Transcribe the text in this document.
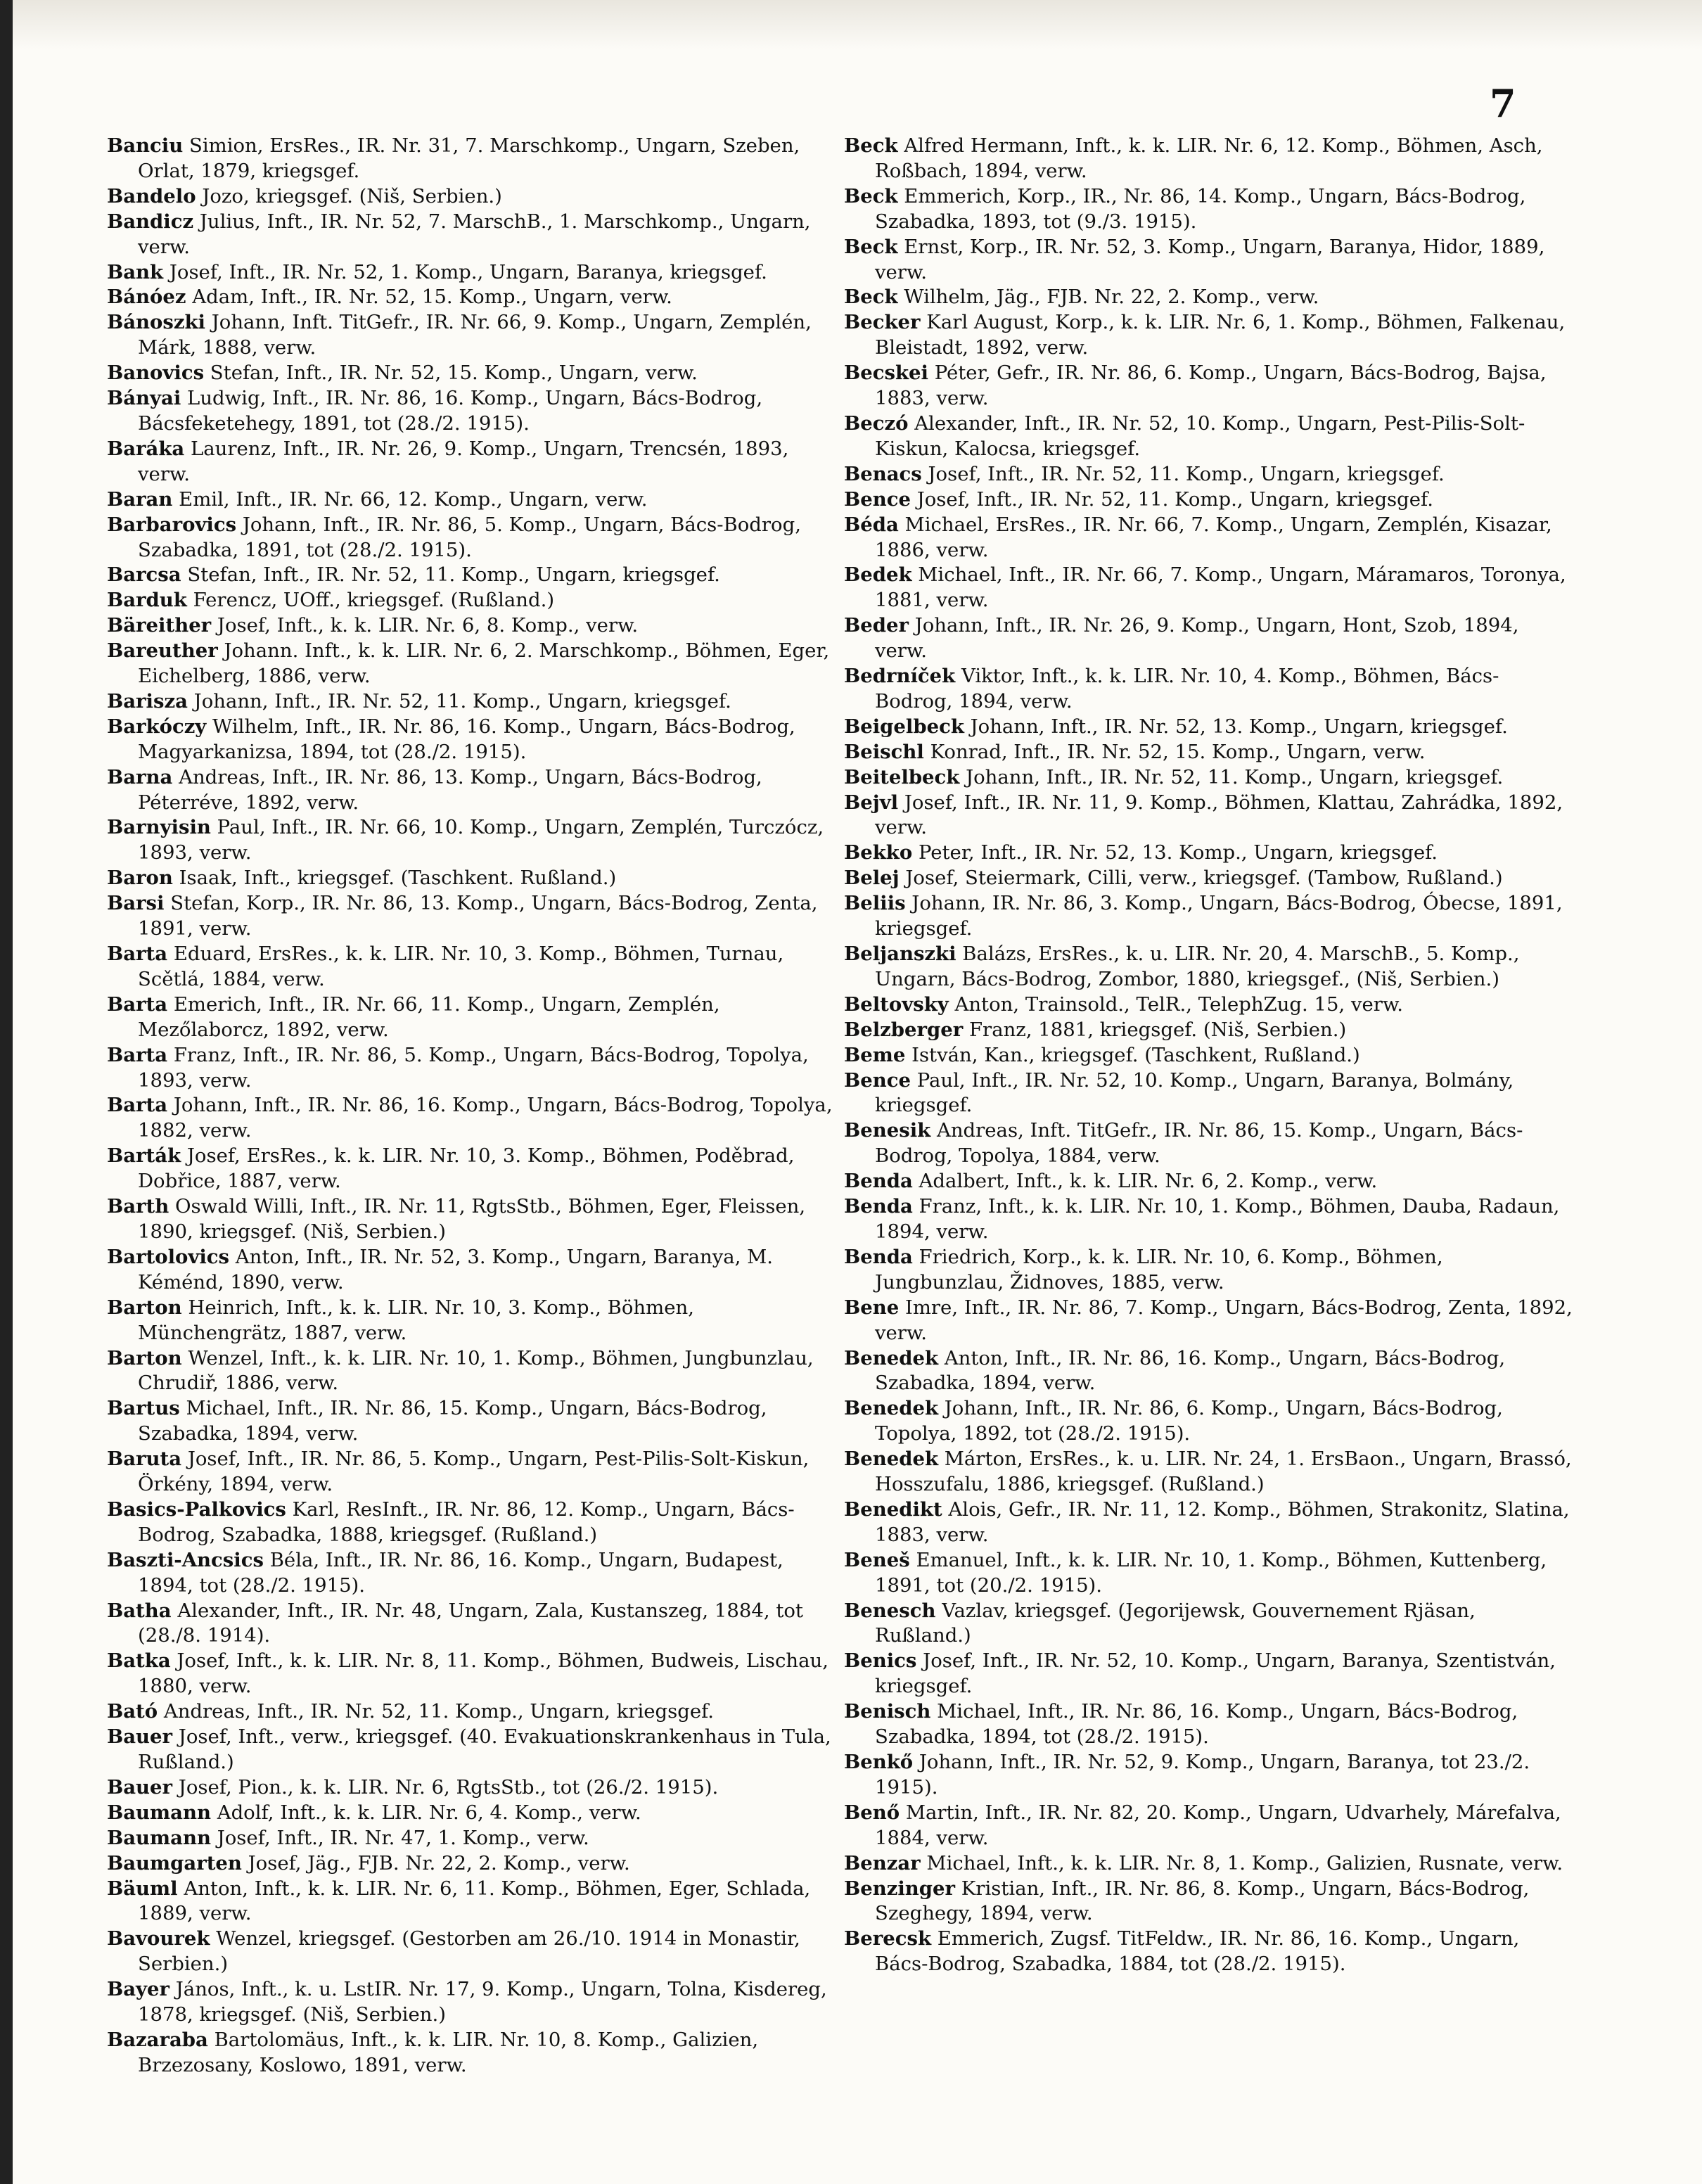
7

Banciu Simion, ErsRes., IR. Nr. 31, 7. Marschkomp., Ungarn, Szeben, Orlat, 1879, kriegsgef.

Bandelo Jozo, kriegsgef. (Niš, Serbien.)

Bandicz Julius, Inft., IR. Nr. 52, 7. MarschB., 1. Marschkomp., Ungarn, verw.

Bank Josef, Inft., IR. Nr. 52, 1. Komp., Ungarn, Baranya, kriegsgef.

Bánóez Adam, Inft., IR. Nr. 52, 15. Komp., Ungarn, verw.

Bánoszki Johann, Inft. TitGefr., IR. Nr. 66, 9. Komp., Ungarn, Zemplén, Márk, 1888, verw.

Banovics Stefan, Inft., IR. Nr. 52, 15. Komp., Ungarn, verw.

Bányai Ludwig, Inft., IR. Nr. 86, 16. Komp., Ungarn, Bács-Bodrog, Bácsfeketehegy, 1891, tot (28./2. 1915).

Baráka Laurenz, Inft., IR. Nr. 26, 9. Komp., Ungarn, Trencsén, 1893, verw.

Baran Emil, Inft., IR. Nr. 66, 12. Komp., Ungarn, verw.

Barbarovics Johann, Inft., IR. Nr. 86, 5. Komp., Ungarn, Bács-Bodrog, Szabadka, 1891, tot (28./2. 1915).

Barcsa Stefan, Inft., IR. Nr. 52, 11. Komp., Ungarn, kriegsgef.

Barduk Ferencz, UOff., kriegsgef. (Rußland.)

Bäreither Josef, Inft., k. k. LIR. Nr. 6, 8. Komp., verw.

Bareuther Johann. Inft., k. k. LIR. Nr. 6, 2. Marschkomp., Böhmen, Eger, Eichelberg, 1886, verw.

Barisza Johann, Inft., IR. Nr. 52, 11. Komp., Ungarn, kriegsgef.

Barkóczy Wilhelm, Inft., IR. Nr. 86, 16. Komp., Ungarn, Bács-Bodrog, Magyarkanizsa, 1894, tot (28./2. 1915).

Barna Andreas, Inft., IR. Nr. 86, 13. Komp., Ungarn, Bács-Bodrog, Péterréve, 1892, verw.

Barnyisin Paul, Inft., IR. Nr. 66, 10. Komp., Ungarn, Zemplén, Turczócz, 1893, verw.

Baron Isaak, Inft., kriegsgef. (Taschkent. Rußland.)

Barsi Stefan, Korp., IR. Nr. 86, 13. Komp., Ungarn, Bács-Bodrog, Zenta, 1891, verw.

Barta Eduard, ErsRes., k. k. LIR. Nr. 10, 3. Komp., Böhmen, Turnau, Scětlá, 1884, verw.

Barta Emerich, Inft., IR. Nr. 66, 11. Komp., Ungarn, Zemplén, Mezőlaborcz, 1892, verw.

Barta Franz, Inft., IR. Nr. 86, 5. Komp., Ungarn, Bács-Bodrog, Topolya, 1893, verw.

Barta Johann, Inft., IR. Nr. 86, 16. Komp., Ungarn, Bács-Bodrog, Topolya, 1882, verw.

Barták Josef, ErsRes., k. k. LIR. Nr. 10, 3. Komp., Böhmen, Poděbrad, Dobřice, 1887, verw.

Barth Oswald Willi, Inft., IR. Nr. 11, RgtsStb., Böhmen, Eger, Fleissen, 1890, kriegsgef. (Niš, Serbien.)

Bartolovics Anton, Inft., IR. Nr. 52, 3. Komp., Ungarn, Baranya, M. Kéménd, 1890, verw.

Barton Heinrich, Inft., k. k. LIR. Nr. 10, 3. Komp., Böhmen, Münchengrätz, 1887, verw.

Barton Wenzel, Inft., k. k. LIR. Nr. 10, 1. Komp., Böhmen, Jungbunzlau, Chrudiř, 1886, verw.

Bartus Michael, Inft., IR. Nr. 86, 15. Komp., Ungarn, Bács-Bodrog, Szabadka, 1894, verw.

Baruta Josef, Inft., IR. Nr. 86, 5. Komp., Ungarn, Pest-Pilis-Solt-Kiskun, Örkény, 1894, verw.

Basics-Palkovics Karl, ResInft., IR. Nr. 86, 12. Komp., Ungarn, Bács-Bodrog, Szabadka, 1888, kriegsgef. (Rußland.)

Baszti-Ancsics Béla, Inft., IR. Nr. 86, 16. Komp., Ungarn, Budapest, 1894, tot (28./2. 1915).

Batha Alexander, Inft., IR. Nr. 48, Ungarn, Zala, Kustanszeg, 1884, tot (28./8. 1914).

Batka Josef, Inft., k. k. LIR. Nr. 8, 11. Komp., Böhmen, Budweis, Lischau, 1880, verw.

Bató Andreas, Inft., IR. Nr. 52, 11. Komp., Ungarn, kriegsgef.

Bauer Josef, Inft., verw., kriegsgef. (40. Evakuationskrankenhaus in Tula, Rußland.)

Bauer Josef, Pion., k. k. LIR. Nr. 6, RgtsStb., tot (26./2. 1915).

Baumann Adolf, Inft., k. k. LIR. Nr. 6, 4. Komp., verw.

Baumann Josef, Inft., IR. Nr. 47, 1. Komp., verw.

Baumgarten Josef, Jäg., FJB. Nr. 22, 2. Komp., verw.

Bäuml Anton, Inft., k. k. LIR. Nr. 6, 11. Komp., Böhmen, Eger, Schlada, 1889, verw.

Bavourek Wenzel, kriegsgef. (Gestorben am 26./10. 1914 in Monastir, Serbien.)

Bayer János, Inft., k. u. LstIR. Nr. 17, 9. Komp., Ungarn, Tolna, Kisdereg, 1878, kriegsgef. (Niš, Serbien.)

Bazaraba Bartolomäus, Inft., k. k. LIR. Nr. 10, 8. Komp., Galizien, Brzezosany, Koslowo, 1891, verw.

Beck Alfred Hermann, Inft., k. k. LIR. Nr. 6, 12. Komp., Böhmen, Asch, Roßbach, 1894, verw.

Beck Emmerich, Korp., IR., Nr. 86, 14. Komp., Ungarn, Bács-Bodrog, Szabadka, 1893, tot (9./3. 1915).

Beck Ernst, Korp., IR. Nr. 52, 3. Komp., Ungarn, Baranya, Hidor, 1889, verw.

Beck Wilhelm, Jäg., FJB. Nr. 22, 2. Komp., verw.

Becker Karl August, Korp., k. k. LIR. Nr. 6, 1. Komp., Böhmen, Falkenau, Bleistadt, 1892, verw.

Becskei Péter, Gefr., IR. Nr. 86, 6. Komp., Ungarn, Bács-Bodrog, Bajsa, 1883, verw.

Beczó Alexander, Inft., IR. Nr. 52, 10. Komp., Ungarn, Pest-Pilis-Solt-Kiskun, Kalocsa, kriegsgef.

Benacs Josef, Inft., IR. Nr. 52, 11. Komp., Ungarn, kriegsgef.

Bence Josef, Inft., IR. Nr. 52, 11. Komp., Ungarn, kriegsgef.

Béda Michael, ErsRes., IR. Nr. 66, 7. Komp., Ungarn, Zemplén, Kisazar, 1886, verw.

Bedek Michael, Inft., IR. Nr. 66, 7. Komp., Ungarn, Máramaros, Toronya, 1881, verw.

Beder Johann, Inft., IR. Nr. 26, 9. Komp., Ungarn, Hont, Szob, 1894, verw.

Bedrníček Viktor, Inft., k. k. LIR. Nr. 10, 4. Komp., Böhmen, Bács-Bodrog, 1894, verw.

Beigelbeck Johann, Inft., IR. Nr. 52, 13. Komp., Ungarn, kriegsgef.

Beischl Konrad, Inft., IR. Nr. 52, 15. Komp., Ungarn, verw.

Beitelbeck Johann, Inft., IR. Nr. 52, 11. Komp., Ungarn, kriegsgef.

Bejvl Josef, Inft., IR. Nr. 11, 9. Komp., Böhmen, Klattau, Zahrádka, 1892, verw.

Bekko Peter, Inft., IR. Nr. 52, 13. Komp., Ungarn, kriegsgef.

Belej Josef, Steiermark, Cilli, verw., kriegsgef. (Tambow, Rußland.)

Beliis Johann, IR. Nr. 86, 3. Komp., Ungarn, Bács-Bodrog, Óbecse, 1891, kriegsgef.

Beljanszki Balázs, ErsRes., k. u. LIR. Nr. 20, 4. MarschB., 5. Komp., Ungarn, Bács-Bodrog, Zombor, 1880, kriegsgef., (Niš, Serbien.)

Beltovsky Anton, Trainsold., TelR., TelephZug. 15, verw.

Belzberger Franz, 1881, kriegsgef. (Niš, Serbien.)

Beme István, Kan., kriegsgef. (Taschkent, Rußland.)

Bence Paul, Inft., IR. Nr. 52, 10. Komp., Ungarn, Baranya, Bolmány, kriegsgef.

Benesik Andreas, Inft. TitGefr., IR. Nr. 86, 15. Komp., Ungarn, Bács-Bodrog, Topolya, 1884, verw.

Benda Adalbert, Inft., k. k. LIR. Nr. 6, 2. Komp., verw.

Benda Franz, Inft., k. k. LIR. Nr. 10, 1. Komp., Böhmen, Dauba, Radaun, 1894, verw.

Benda Friedrich, Korp., k. k. LIR. Nr. 10, 6. Komp., Böhmen, Jungbunzlau, Židnoves, 1885, verw.

Bene Imre, Inft., IR. Nr. 86, 7. Komp., Ungarn, Bács-Bodrog, Zenta, 1892, verw.

Benedek Anton, Inft., IR. Nr. 86, 16. Komp., Ungarn, Bács-Bodrog, Szabadka, 1894, verw.

Benedek Johann, Inft., IR. Nr. 86, 6. Komp., Ungarn, Bács-Bodrog, Topolya, 1892, tot (28./2. 1915).

Benedek Márton, ErsRes., k. u. LIR. Nr. 24, 1. ErsBaon., Ungarn, Brassó, Hosszufalu, 1886, kriegsgef. (Rußland.)

Benedikt Alois, Gefr., IR. Nr. 11, 12. Komp., Böhmen, Strakonitz, Slatina, 1883, verw.

Beneš Emanuel, Inft., k. k. LIR. Nr. 10, 1. Komp., Böhmen, Kuttenberg, 1891, tot (20./2. 1915).

Benesch Vazlav, kriegsgef. (Jegorijewsk, Gouvernement Rjäsan, Rußland.)

Benics Josef, Inft., IR. Nr. 52, 10. Komp., Ungarn, Baranya, Szentistván, kriegsgef.

Benisch Michael, Inft., IR. Nr. 86, 16. Komp., Ungarn, Bács-Bodrog, Szabadka, 1894, tot (28./2. 1915).

Benkő Johann, Inft., IR. Nr. 52, 9. Komp., Ungarn, Baranya, tot 23./2. 1915).

Benő Martin, Inft., IR. Nr. 82, 20. Komp., Ungarn, Udvarhely, Márefalva, 1884, verw.

Benzar Michael, Inft., k. k. LIR. Nr. 8, 1. Komp., Galizien, Rusnate, verw.

Benzinger Kristian, Inft., IR. Nr. 86, 8. Komp., Ungarn, Bács-Bodrog, Szeghegy, 1894, verw.

Berecsk Emmerich, Zugsf. TitFeldw., IR. Nr. 86, 16. Komp., Ungarn, Bács-Bodrog, Szabadka, 1884, tot (28./2. 1915).
